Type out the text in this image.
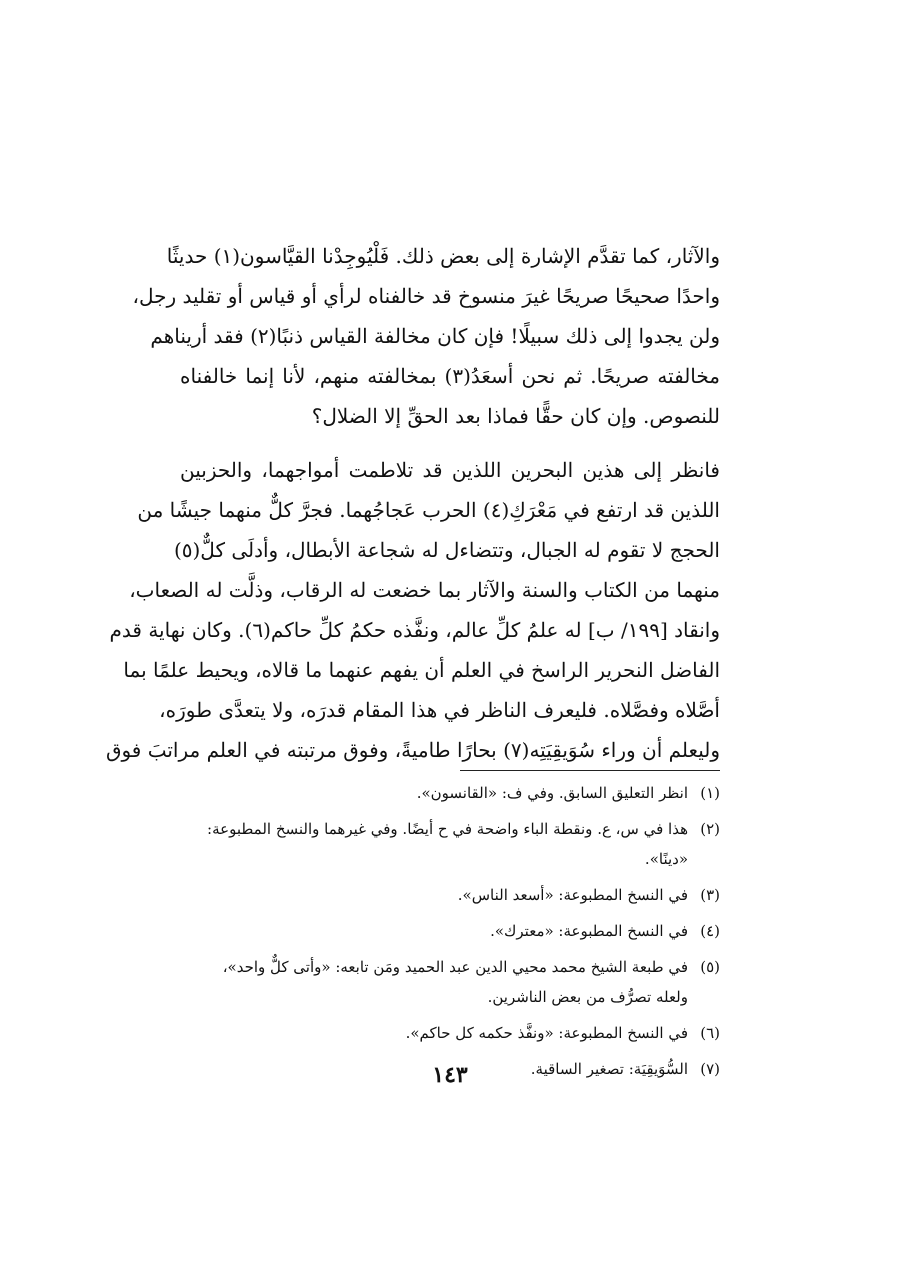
والآثار، كما تقدَّم الإشارة إلى بعض ذلك. فَلْيُوجِدْنا القيَّاسون(١) حديثًا
واحدًا صحيحًا صريحًا غيرَ منسوخ قد خالفناه لرأي أو قياس أو تقليد رجل،
ولن يجدوا إلى ذلك سبيلًا! فإن كان مخالفة القياس ذنبًا(٢) فقد أريناهم
مخالفته صريحًا. ثم نحن أسعَدُ(٣) بمخالفته منهم، لأنا إنما خالفناه
للنصوص. وإن كان حقًّا فماذا بعد الحقِّ إلا الضلال؟
فانظر إلى هذين البحرين اللذين قد تلاطمت أمواجهما، والحزبين
اللذين قد ارتفع في مَعْرَكِ(٤) الحرب عَجاجُهما. فجرَّ كلٌّ منهما جيشًا من
الحجج لا تقوم له الجبال، وتتضاءل له شجاعة الأبطال، وأدلَى كلٌّ(٥)
منهما من الكتاب والسنة والآثار بما خضعت له الرقاب، وذلَّت له الصعاب،
وانقاد [١٩٩/ ب] له علمُ كلِّ عالم، ونفَّذه حكمُ كلِّ حاكم(٦). وكان نهاية قدم
الفاضل النحرير الراسخ في العلم أن يفهم عنهما ما قالاه، ويحيط علمًا بما
أصَّلاه وفصَّلاه. فليعرف الناظر في هذا المقام قدرَه، ولا يتعدَّى طورَه،
وليعلم أن وراء سُوَيقِيَتِه(٧) بحارًا طاميةً، وفوق مرتبته في العلم مراتبَ فوق
(١)
انظر التعليق السابق. وفي ف: «القانسون».
(٢)
هذا في س، ع. ونقطة الباء واضحة في ح أيضًا. وفي غيرهما والنسخ المطبوعة:
«دينًا».
(٣)
في النسخ المطبوعة: «أسعد الناس».
(٤)
في النسخ المطبوعة: «معترك».
(٥)
في طبعة الشيخ محمد محيي الدين عبد الحميد ومَن تابعه: «وأتى كلٌّ واحد»،
ولعله تصرُّف من بعض الناشرين.
(٦)
في النسخ المطبوعة: «ونفَّذ حكمه كل حاكم».
(٧)
السُّوَيقِيَة: تصغير الساقية.
١٤٣
